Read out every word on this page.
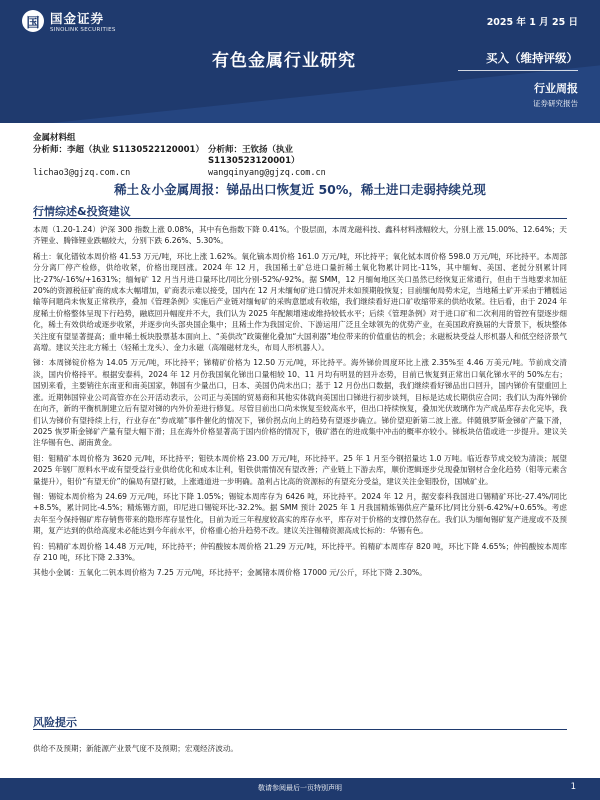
国 国金证券
SINOLINK SECURITIES
2025 年 1 月 25 日
有色金属行业研究	买入（维持评级）
行业周报
证券研究报告
金属材料组
分析师：李超（执业 S1130522120001） 分析师：王钦扬（执业 S1130523120001）
lichao3@gjzq.com.cn	wangqinyang@gjzq.com.cn
稀土＆小金属周报：锑品出口恢复近 50%，稀土进口走弱持续兑现
行情综述&投资建议

本周（1.20-1.24）沪深 300 指数上涨 0.08%，其中有色指数下降 0.41%。个股层面，本周龙磁科技、鑫科材料涨幅较大，分别上涨 15.00%、12.64%；天齐锂业、腾锋锂业跌幅较大，分别下跌 6.26%、5.30%。

稀土：氧化镨钕本周价格 41.53 万元/吨，环比上涨 1.62%。氧化镝本周价格 161.0 万元/吨，环比持平；氧化铽本周价格 598.0 万元/吨，环比持平。本周部分分离厂停产检修，供给收紧，价格出现回涨。2024 年 12 月，我国稀土矿总进口量折稀土氧化物累计同比-11%，其中缅甸、美国、老挝分别累计同比-27%/-16%/+1631%；缅甸矿 12 月当月进口量环比/同比分别-52%/-92%。据 SMM，12 月缅甸地区关口虽然已经恢复正常通行，但由于当地要求加征 20%的资源税征矿商的成本大幅增加，矿商表示难以接受，国内在 12 月未缅甸矿进口情况并未如预期般恢复；目前缅甸局势未定，当地稀土矿开采由于糟糕运输等问题尚未恢复正常秩序，叠加《管理条例》实施后产业链对缅甸矿的采购意愿或有收缩，我们继续看好进口矿收缩带来的供给收紧。往后看，由于 2024 年度稀土价格整体呈现下行趋势，融底回升幅度并不大，我们认为 2025 年配额增速或维持较低水平；后续《管理条例》对于进口矿和二次利用的管控有望逐步细化，稀土有效供给或逐步收紧，并逐步向头部央国企集中；且稀土作为我国定价、下游运用广泛且全球领先的优势产业，在美国政府换届的大背景下，板块整体关注度有望显著提高；重申稀土板块股票基本面向上、“美供改”政策催化叠加“大国利器”地位带来的价值重估的机会；永磁板块受益人形机器人和低空经济景气高增。建议关注北方稀土（轻稀土龙头）、金力永磁（高端磁材龙头，布局人形机器人）。

锑：本周锑锭价格为 14.05 万元/吨，环比持平；锑精矿价格为 12.50 万元/吨，环比持平。海外锑价周度环比上涨 2.35%至 4.46 万美元/吨。节前成交清淡，国内价格持平。根据安泰科，2024 年 12 月份我国氧化锑出口量相较 10、11 月均有明显的回升态势，目前已恢复到正常出口氧化锑水平的 50%左右；国别来看，主要销往东南亚和南美国家，韩国有少量出口，日本、美国仍尚未出口；基于 12 月份出口数据，我们继续看好锑品出口回升，国内锑价有望重回上涨。近期韩国锌业公司高管亦在公开活动表示，公司正与美国的贸易商和其他实体就向美国出口锑进行初步谈判，目标是达成长期供应合同；我们认为海外锑价在向齐，新的平衡机制建立后有望对锑的内外价差进行修复。尽管目前出口尚未恢复至较高水平，但出口持续恢复，叠加光伏玻璃作为产成品库存去化完毕，我们认为锑价有望持续上行，行业存在“券成端”事件催化的情况下，锑价拐点向上的趋势有望逐步确立。锑价望迎新第二波上涨。伴随俄罗斯金锑矿产量下滑，2025 恢罗斯金锑矿产量有望大幅下滑；且在海外价格显著高于国内价格的情况下，俄矿潜在的进成集中冲击的概率亦较小。锑板块估值或进一步提升。建议关注华锡有色、湖南黄金。

钼：钼精矿本周价格为 3620 元/吨，环比持平；钼铁本周价格 23.00 万元/吨，环比持平。25 年 1 月至今钢招量达 1.0 万吨。临近春节成交较为清淡；展望 2025 年钢厂原料水平或有望受益行业供给优化和成本让利，钼铁供需情况有望改善；产业链上下游去库，顺价逻辑逐步兑现叠加钢材合金化趋势（钼等元素含量提升），钼价“有望无价”的偏局有望打破，上涨通道进一步明确。盈利占比高的资源标的有望充分受益，建议关注金钼股份，国城矿业。

锡：锡锭本周价格为 24.69 万元/吨，环比下降 1.05%；锡锭本周库存为 6426 吨，环比持平。2024 年 12 月，据安泰科我国进口锡精矿环比-27.4%/同比+8.5%，累计同比-4.5%；精炼锡方面，印尼进口锡锭环比-32.2%。据 SMM 预计 2025 年 1 月我国精炼锡供应产量环比/同比分别-6.42%/+0.65%。考虑去年至今保持锡矿库存销售带来的隐形库存显性化，目前为近三年程度较高实的库存水平，库存对于价格的支撑仍然存在。我们认为缅甸锡矿复产进度或不及预期，复产达到的供给高度未必能达到今年前水平，价格重心抬升趋势不改。建议关注锡精资源高成长标的：华锡有色。

钨：钨精矿本周价格 14.48 万元/吨，环比持平；仲钨酸铵本周价格 21.29 万元/吨，环比持平。钨精矿本周库存 820 吨，环比下降 4.65%；仲钨酸铵本周库存 210 吨，环比下降 2.33%。

其他小金属：五氧化二钒本周价格为 7.25 万元/吨，环比持平；金属锗本周价格 17000 元/公斤，环比下降 2.30%。

风险提示
供给不及预期；新能源产业景气度不及预期；宏观经济波动。
敬请参阅最后一页特别声明	1
